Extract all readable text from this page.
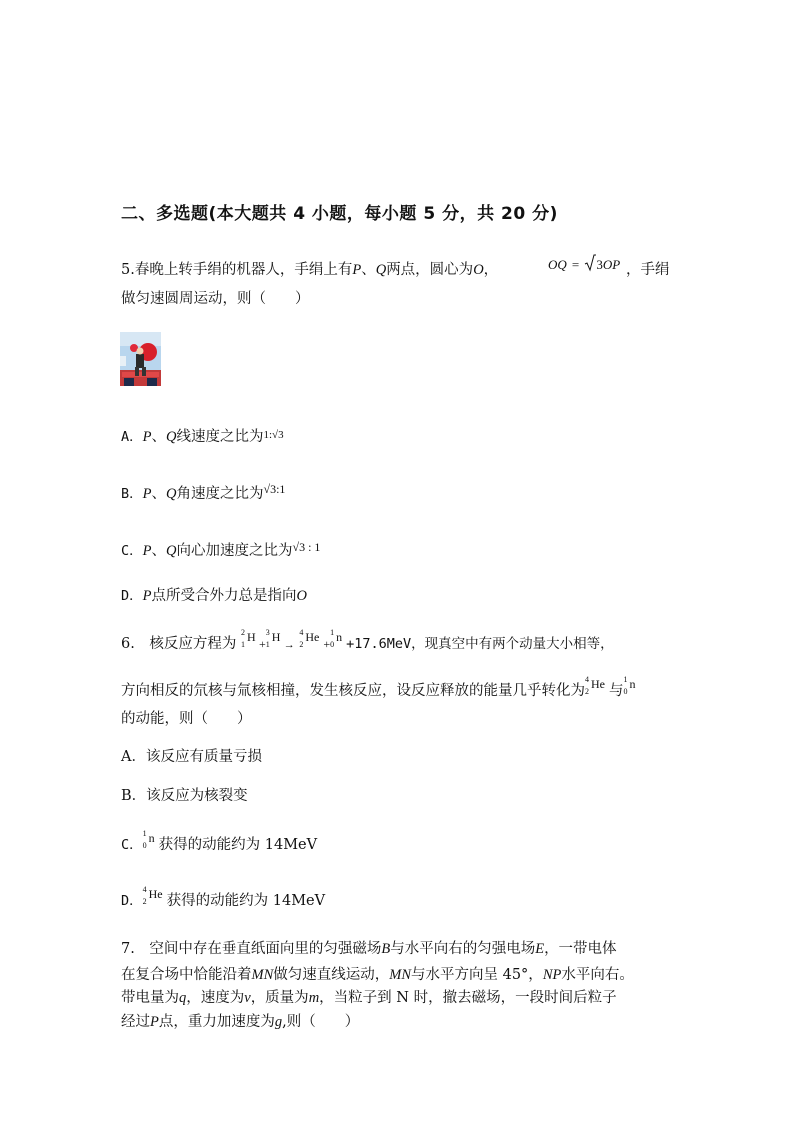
二、多选题(本大题共 4 小题，每小题 5 分，共 20 分)
5.春晚上转手绢的机器人，手绢上有P、Q两点，圆心为O，	OQ = 3OP ，手绢
做匀速圆周运动，则（　　）
A．P、Q线速度之比为$^{1:√3}$
B．P、Q角速度之比为$^{√3:1}$
C．P、Q向心加速度之比为$^{√3 : 1}$
D．P点所受合外力总是指向O
6.　核反应方程为
2
1
H +
3
1
H
→
4
2
He +
1
0
n +17.6MeV，现真空中有两个动量大小相等，
方向相反的氘核与氚核相撞，发生核反应，设反应释放的能量几乎转化为
4
2
He 与
1
0
n
的动能，则（　　）
A．该反应有质量亏损
B．该反应为核裂变
C．
1
0
n 获得的动能约为 14MeV
D．
4
2
He 获得的动能约为 14MeV
7.　空间中存在垂直纸面向里的匀强磁场B与水平向右的匀强电场E，一带电体
在复合场中恰能沿着MN做匀速直线运动，MN与水平方向呈 45°，NP水平向右。
带电量为q，速度为v，质量为m，当粒子到 N 时，撤去磁场，一段时间后粒子
经过P点，重力加速度为g,则（　　）
